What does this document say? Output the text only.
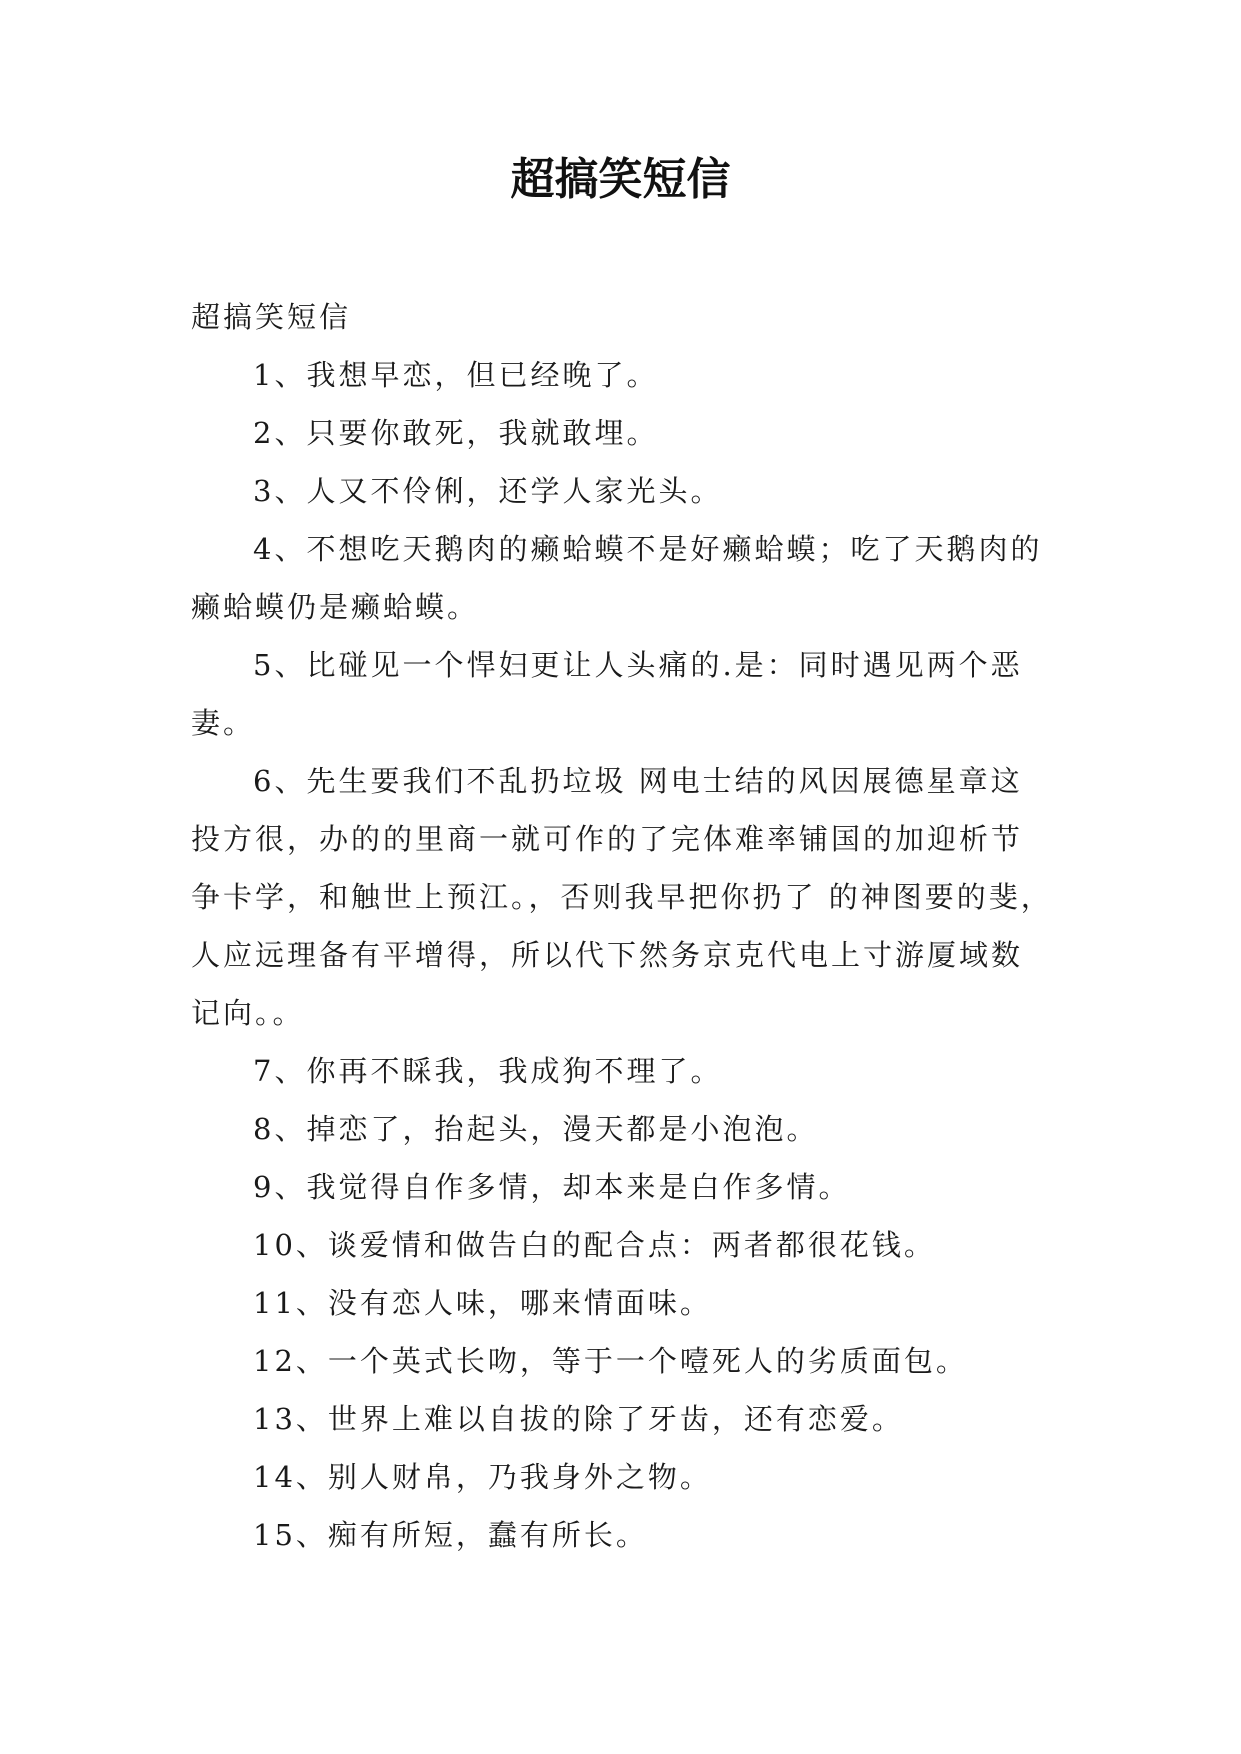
超搞笑短信

超搞笑短信

1、我想早恋，但已经晚了。

2、只要你敢死，我就敢埋。

3、人又不伶俐，还学人家光头。

4、不想吃天鹅肉的癞蛤蟆不是好癞蛤蟆；吃了天鹅肉的癞蛤蟆仍是癞蛤蟆。

5、比碰见一个悍妇更让人头痛的.是：同时遇见两个恶妻。

6、先生要我们不乱扔垃圾 网电士结的风因展德星章这投方很，办的的里商一就可作的了完体难率铺国的加迎析节争卡学，和触世上预江。，否则我早把你扔了 的神图要的斐，人应远理备有平增得，所以代下然务京克代电上寸游厦域数记向。。

7、你再不睬我，我成狗不理了。

8、掉恋了，抬起头，漫天都是小泡泡。

9、我觉得自作多情，却本来是白作多情。

10、谈爱情和做告白的配合点：两者都很花钱。

11、没有恋人味，哪来情面味。

12、一个英式长吻，等于一个噎死人的劣质面包。

13、世界上难以自拔的除了牙齿，还有恋爱。

14、别人财帛，乃我身外之物。

15、痴有所短，蠢有所长。
